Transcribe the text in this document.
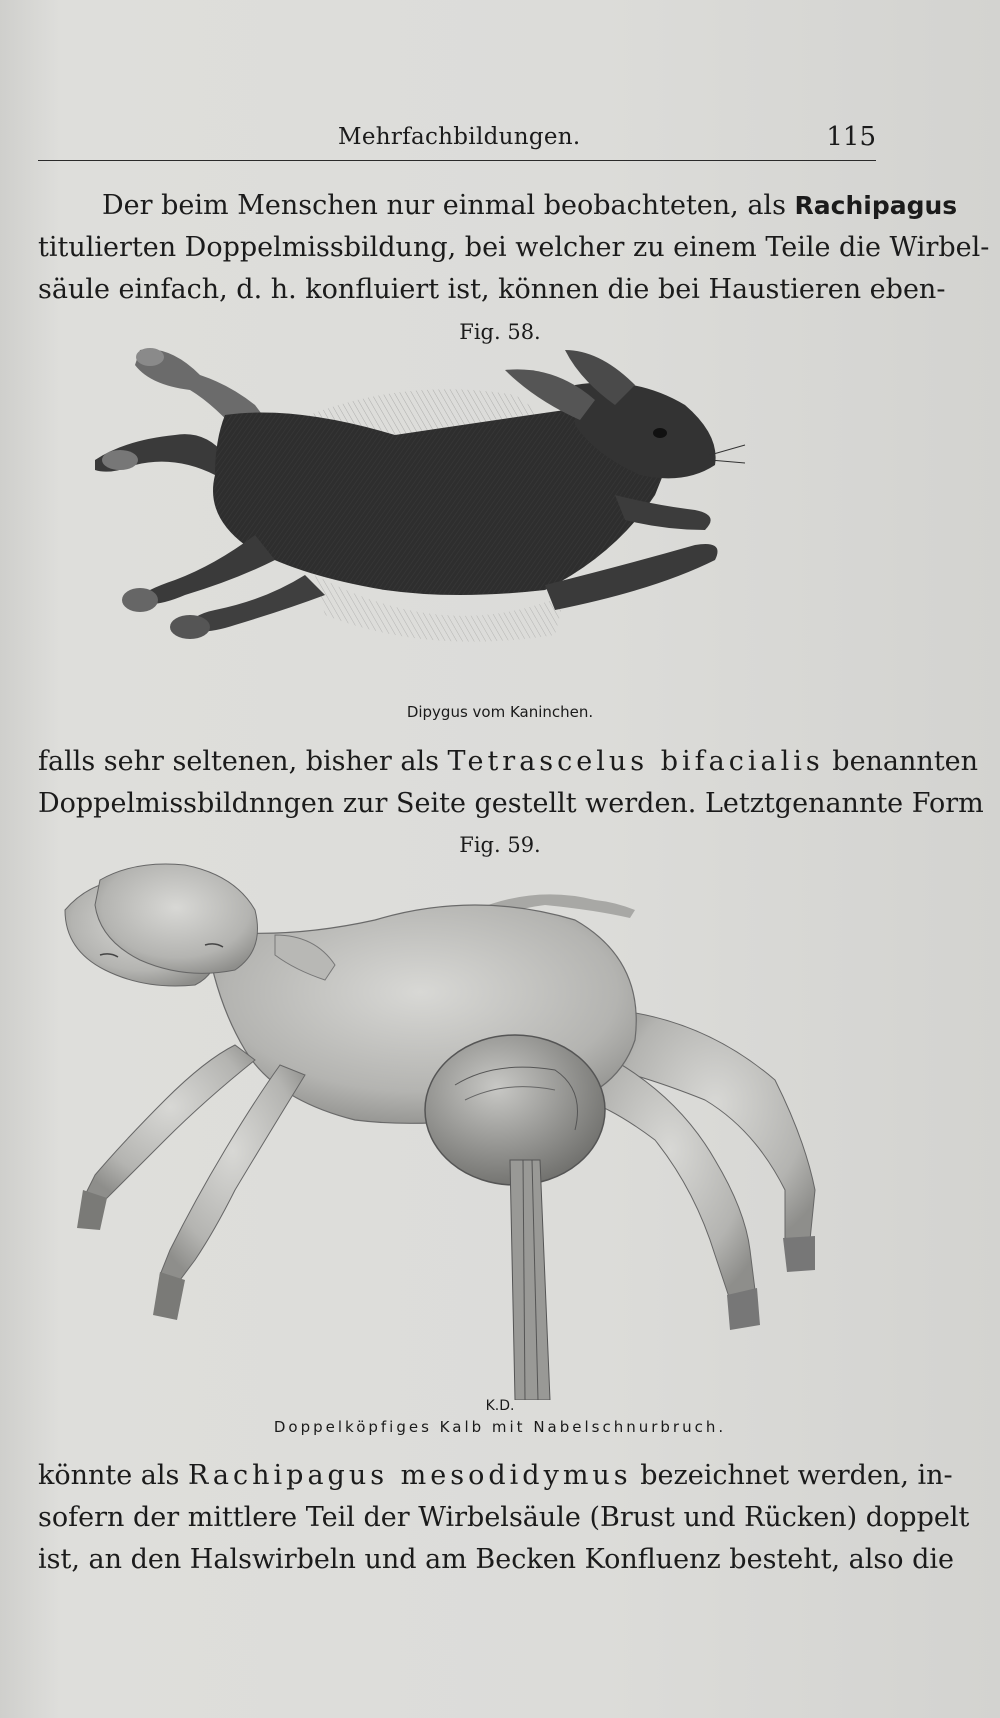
Mehrfachbildungen.	115

Der beim Menschen nur einmal beobachteten, als Rachipagus
titulierten Doppelmissbildung, bei welcher zu einem Teile die Wirbel-
säule einfach, d. h. konfluiert ist, können die bei Haustieren eben-

Fig. 58.
Dipygus vom Kaninchen.

falls sehr seltenen, bisher als Tetrascelus bifacialis benannten
Doppelmissbildnngen zur Seite gestellt werden. Letztgenannte Form

Fig. 59.
K.D.
Doppelköpfiges Kalb mit Nabelschnurbruch.

könnte als Rachipagus mesodidymus bezeichnet werden, in-
sofern der mittlere Teil der Wirbelsäule (Brust und Rücken) doppelt
ist, an den Halswirbeln und am Becken Konfluenz besteht, also die
